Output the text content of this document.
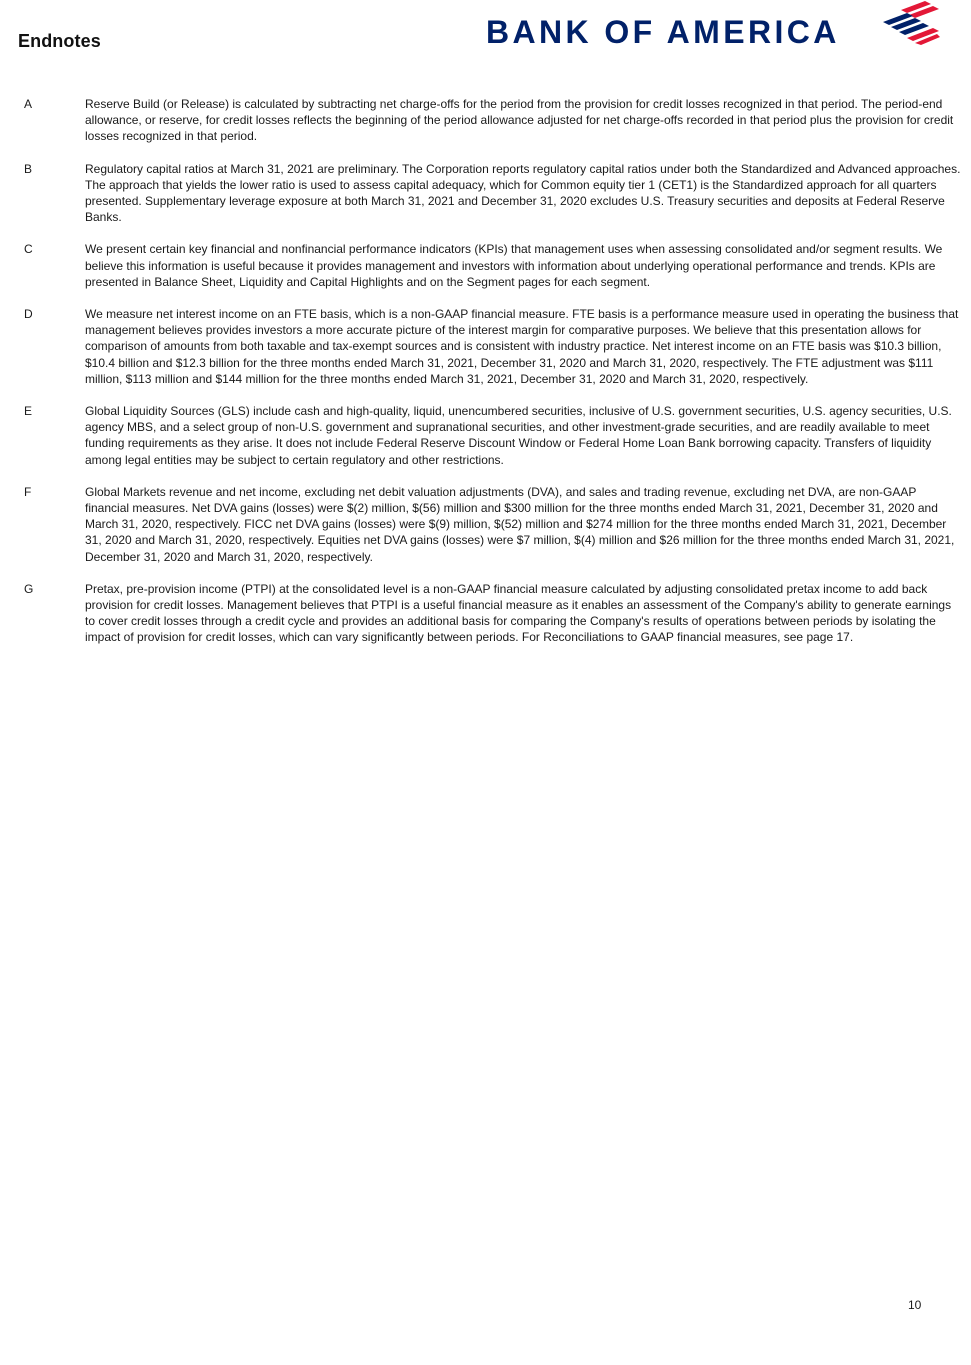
Endnotes	BANK OF AMERICA
A	Reserve Build (or Release) is calculated by subtracting net charge-offs for the period from the provision for credit losses recognized in that period. The period-end allowance, or reserve, for credit losses reflects the beginning of the period allowance adjusted for net charge-offs recorded in that period plus the provision for credit losses recognized in that period.
B	Regulatory capital ratios at March 31, 2021 are preliminary. The Corporation reports regulatory capital ratios under both the Standardized and Advanced approaches. The approach that yields the lower ratio is used to assess capital adequacy, which for Common equity tier 1 (CET1) is the Standardized approach for all quarters presented. Supplementary leverage exposure at both March 31, 2021 and December 31, 2020 excludes U.S. Treasury securities and deposits at Federal Reserve Banks.
C	We present certain key financial and nonfinancial performance indicators (KPIs) that management uses when assessing consolidated and/or segment results. We believe this information is useful because it provides management and investors with information about underlying operational performance and trends. KPIs are presented in Balance Sheet, Liquidity and Capital Highlights and on the Segment pages for each segment.
D	We measure net interest income on an FTE basis, which is a non-GAAP financial measure. FTE basis is a performance measure used in operating the business that management believes provides investors a more accurate picture of the interest margin for comparative purposes. We believe that this presentation allows for comparison of amounts from both taxable and tax-exempt sources and is consistent with industry practice. Net interest income on an FTE basis was $10.3 billion, $10.4 billion and $12.3 billion for the three months ended March 31, 2021, December 31, 2020 and March 31, 2020, respectively. The FTE adjustment was $111 million, $113 million and $144 million for the three months ended March 31, 2021, December 31, 2020 and March 31, 2020, respectively.
E	Global Liquidity Sources (GLS) include cash and high-quality, liquid, unencumbered securities, inclusive of U.S. government securities, U.S. agency securities, U.S. agency MBS, and a select group of non-U.S. government and supranational securities, and other investment-grade securities, and are readily available to meet funding requirements as they arise. It does not include Federal Reserve Discount Window or Federal Home Loan Bank borrowing capacity. Transfers of liquidity among legal entities may be subject to certain regulatory and other restrictions.
F	Global Markets revenue and net income, excluding net debit valuation adjustments (DVA), and sales and trading revenue, excluding net DVA, are non-GAAP financial measures. Net DVA gains (losses) were $(2) million, $(56) million and $300 million for the three months ended March 31, 2021, December 31, 2020 and March 31, 2020, respectively. FICC net DVA gains (losses) were $(9) million, $(52) million and $274 million for the three months ended March 31, 2021, December 31, 2020 and March 31, 2020, respectively. Equities net DVA gains (losses) were $7 million, $(4) million and $26 million for the three months ended March 31, 2021, December 31, 2020 and March 31, 2020, respectively.
G	Pretax, pre-provision income (PTPI) at the consolidated level is a non-GAAP financial measure calculated by adjusting consolidated pretax income to add back provision for credit losses. Management believes that PTPI is a useful financial measure as it enables an assessment of the Company's ability to generate earnings to cover credit losses through a credit cycle and provides an additional basis for comparing the Company's results of operations between periods by isolating the impact of provision for credit losses, which can vary significantly between periods. For Reconciliations to GAAP financial measures, see page 17.
10
